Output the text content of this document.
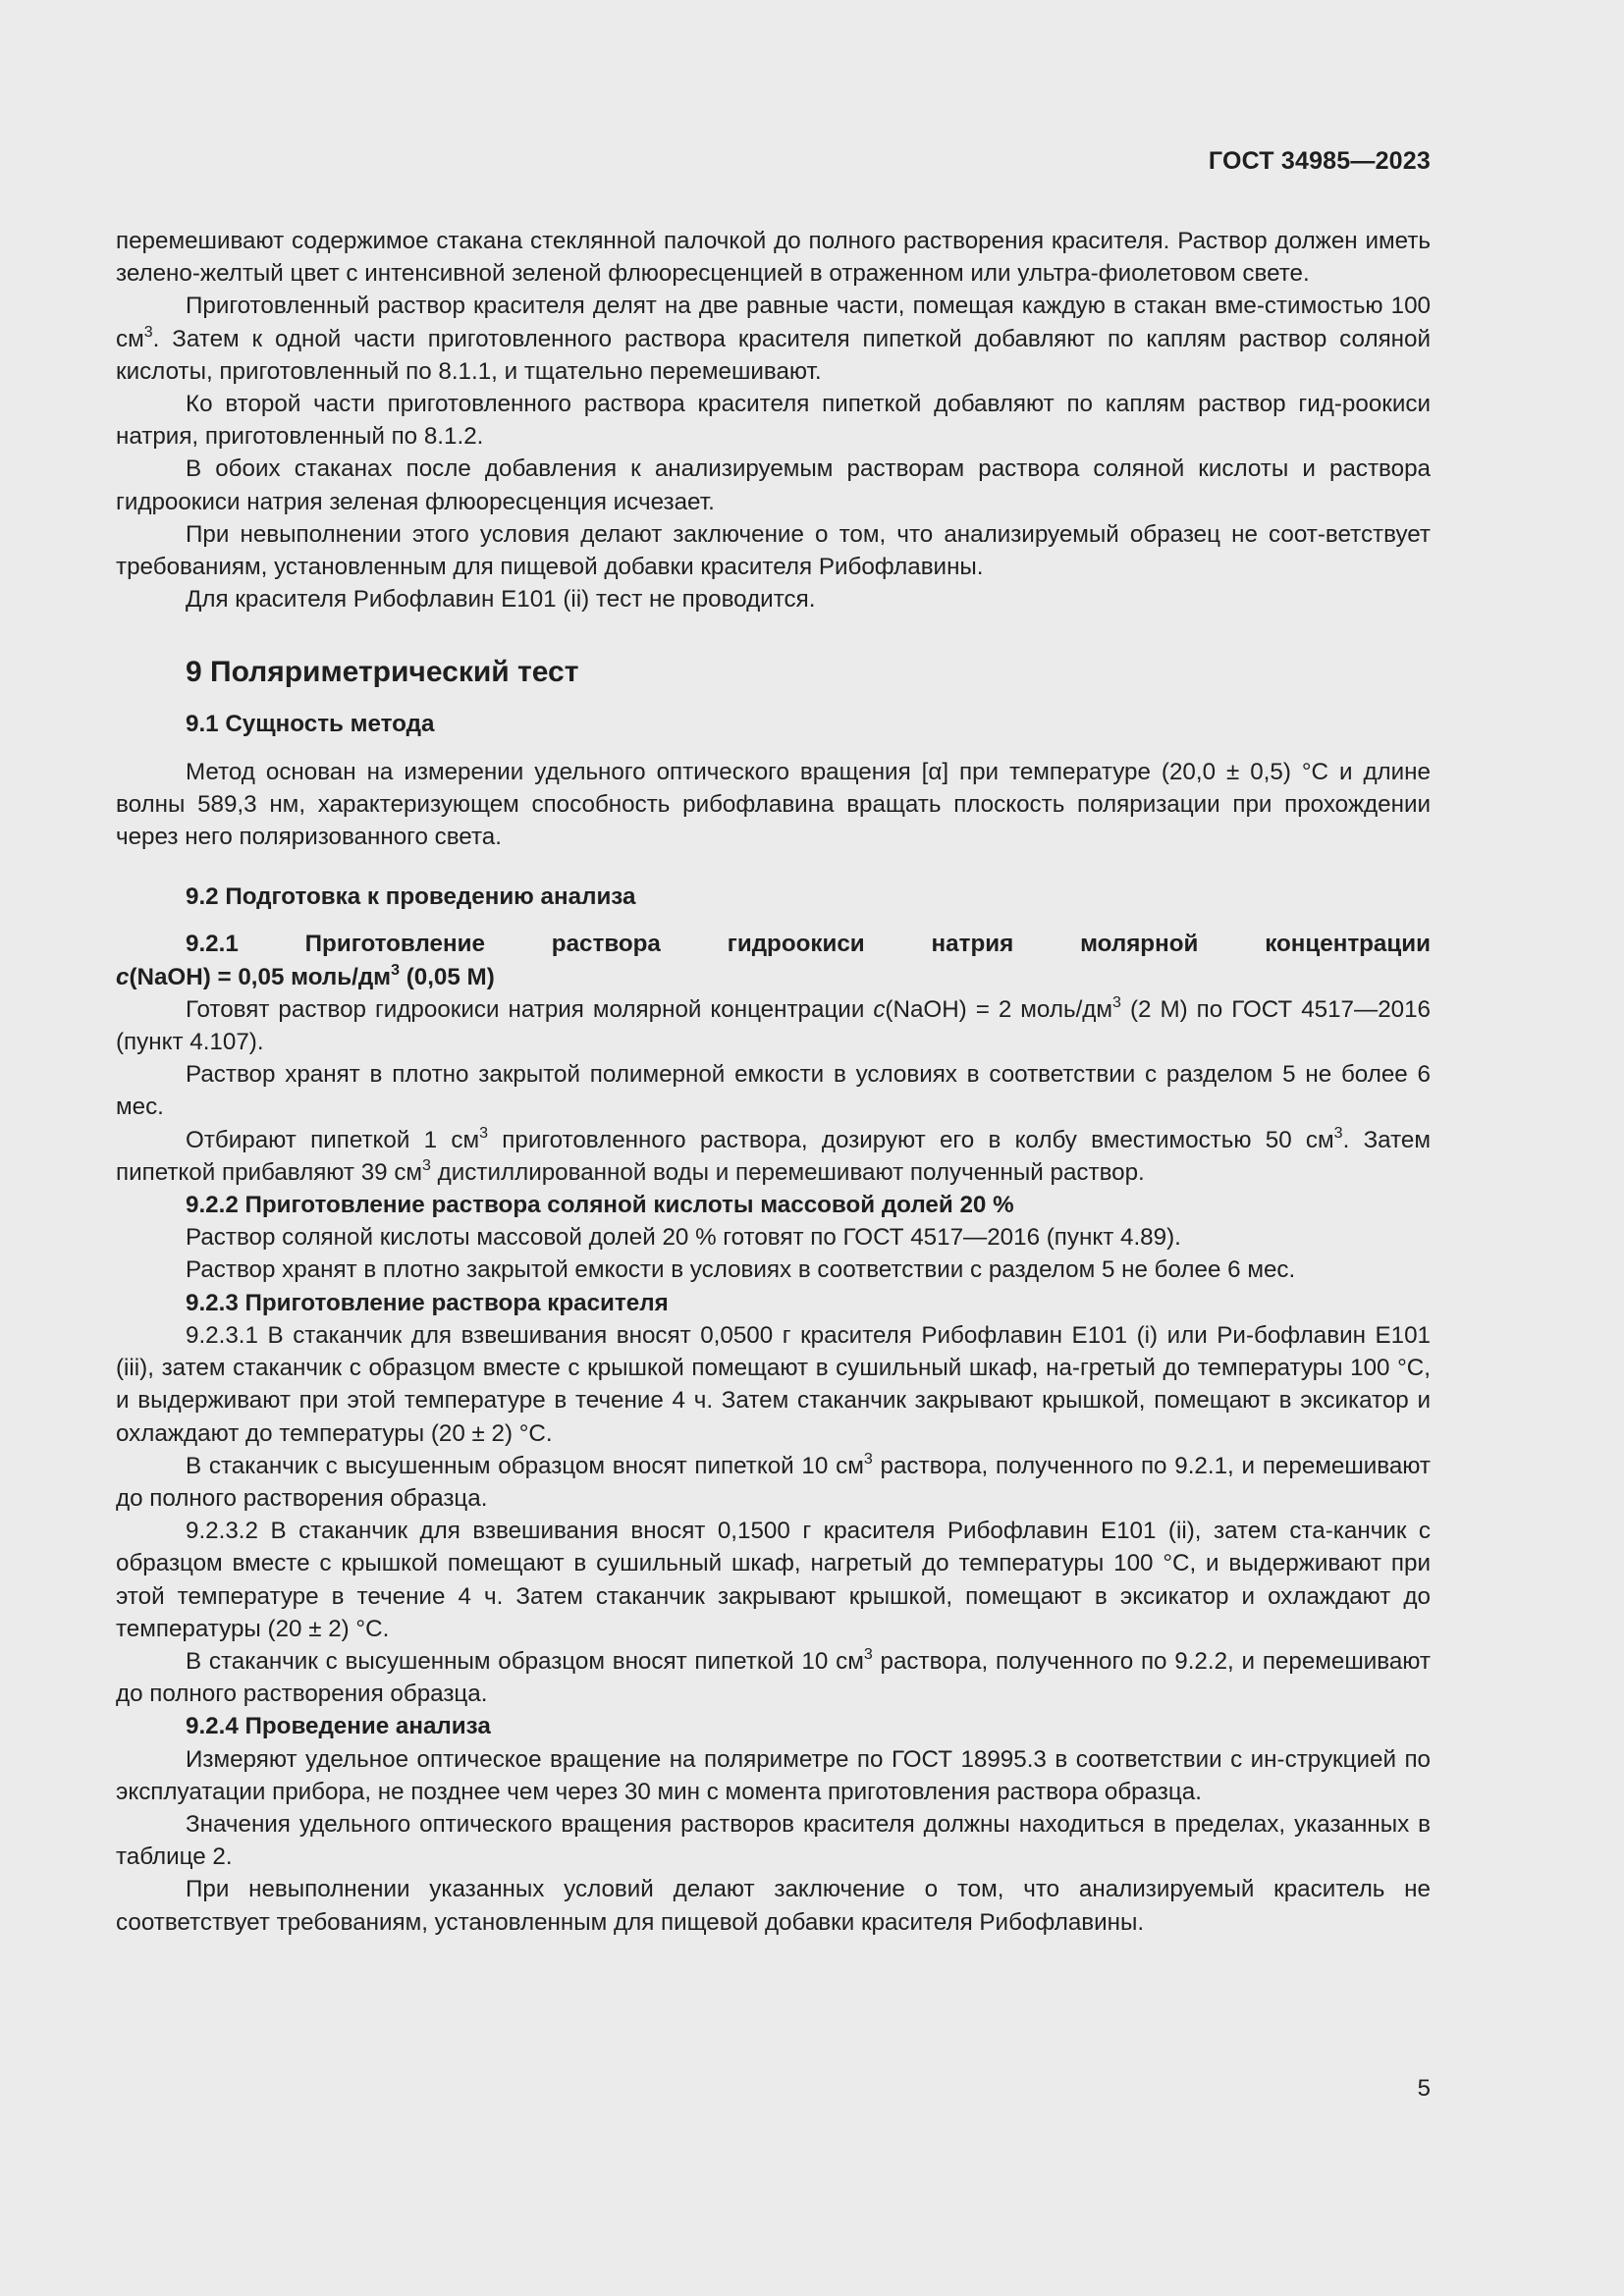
ГОСТ 34985—2023

перемешивают содержимое стакана стеклянной палочкой до полного растворения красителя. Раствор должен иметь зелено-желтый цвет с интенсивной зеленой флюоресценцией в отраженном или ультра-фиолетовом свете.

Приготовленный раствор красителя делят на две равные части, помещая каждую в стакан вме-стимостью 100 $см^3$. Затем к одной части приготовленного раствора красителя пипеткой добавляют по каплям раствор соляной кислоты, приготовленный по 8.1.1, и тщательно перемешивают.

Ко второй части приготовленного раствора красителя пипеткой добавляют по каплям раствор гид-роокиси натрия, приготовленный по 8.1.2.

В обоих стаканах после добавления к анализируемым растворам раствора соляной кислоты и раствора гидроокиси натрия зеленая флюоресценция исчезает.

При невыполнении этого условия делают заключение о том, что анализируемый образец не соот-ветствует требованиям, установленным для пищевой добавки красителя Рибофлавины.

Для красителя Рибофлавин Е101 (ii) тест не проводится.

9 Поляриметрический тест

9.1 Сущность метода

Метод основан на измерении удельного оптического вращения [α] при температуре (20,0 ± 0,5) °С и длине волны 589,3 нм, характеризующем способность рибофлавина вращать плоскость поляризации при прохождении через него поляризованного света.

9.2 Подготовка к проведению анализа

9.2.1 Приготовление раствора гидроокиси натрия молярной концентрации

с(NaOH) = 0,05 моль/$дм^3$ (0,05 М)

Готовят раствор гидроокиси натрия молярной концентрации с(NaOH) = 2 моль/$дм^3$ (2 М) по ГОСТ 4517—2016 (пункт 4.107).

Раствор хранят в плотно закрытой полимерной емкости в условиях в соответствии с разделом 5 не более 6 мес.

Отбирают пипеткой 1 $см^3$ приготовленного раствора, дозируют его в колбу вместимостью 50 $см^3$. Затем пипеткой прибавляют 39 $см^3$ дистиллированной воды и перемешивают полученный раствор.

9.2.2 Приготовление раствора соляной кислоты массовой долей 20 %

Раствор соляной кислоты массовой долей 20 % готовят по ГОСТ 4517—2016 (пункт 4.89).

Раствор хранят в плотно закрытой емкости в условиях в соответствии с разделом 5 не более 6 мес.

9.2.3 Приготовление раствора красителя

9.2.3.1 В стаканчик для взвешивания вносят 0,0500 г красителя Рибофлавин Е101 (i) или Ри-бофлавин Е101 (iii), затем стаканчик с образцом вместе с крышкой помещают в сушильный шкаф, на-гретый до температуры 100 °С, и выдерживают при этой температуре в течение 4 ч. Затем стаканчик закрывают крышкой, помещают в эксикатор и охлаждают до температуры (20 ± 2) °С.

В стаканчик с высушенным образцом вносят пипеткой 10 $см^3$ раствора, полученного по 9.2.1, и перемешивают до полного растворения образца.

9.2.3.2 В стаканчик для взвешивания вносят 0,1500 г красителя Рибофлавин Е101 (ii), затем ста-канчик с образцом вместе с крышкой помещают в сушильный шкаф, нагретый до температуры 100 °С, и выдерживают при этой температуре в течение 4 ч. Затем стаканчик закрывают крышкой, помещают в эксикатор и охлаждают до температуры (20 ± 2) °С.

В стаканчик с высушенным образцом вносят пипеткой 10 $см^3$ раствора, полученного по 9.2.2, и перемешивают до полного растворения образца.

9.2.4 Проведение анализа

Измеряют удельное оптическое вращение на поляриметре по ГОСТ 18995.3 в соответствии с ин-струкцией по эксплуатации прибора, не позднее чем через 30 мин с момента приготовления раствора образца.

Значения удельного оптического вращения растворов красителя должны находиться в пределах, указанных в таблице 2.

При невыполнении указанных условий делают заключение о том, что анализируемый краситель не соответствует требованиям, установленным для пищевой добавки красителя Рибофлавины.

5
